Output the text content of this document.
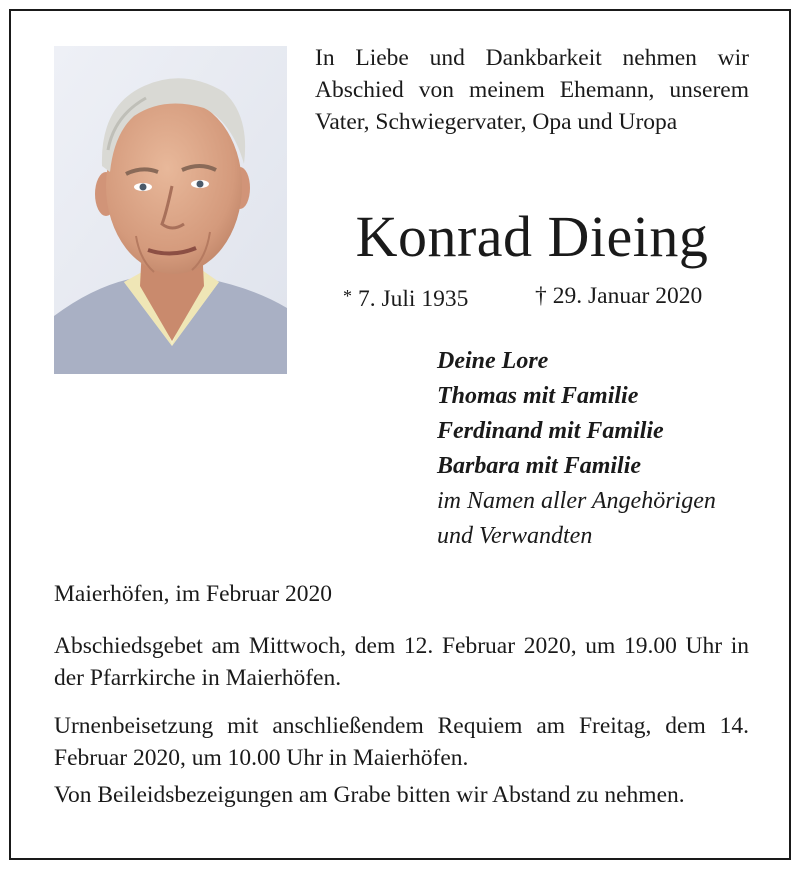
In Liebe und Dankbarkeit nehmen wir Abschied von meinem Ehemann, unserem Vater, Schwiegervater, Opa und Uropa

Konrad Dieing
* 7. Juli 1935	† 29. Januar 2020
Deine Lore
Thomas mit Familie
Ferdinand mit Familie
Barbara mit Familie
im Namen aller Angehörigen
und Verwandten
Maierhöfen, im Februar 2020

Abschiedsgebet am Mittwoch, dem 12. Februar 2020, um 19.00 Uhr in der Pfarrkirche in Maierhöfen.

Urnenbeisetzung mit anschließendem Requiem am Freitag, dem 14. Februar 2020, um 10.00 Uhr in Maierhöfen.

Von Beileidsbezeigungen am Grabe bitten wir Abstand zu nehmen.
